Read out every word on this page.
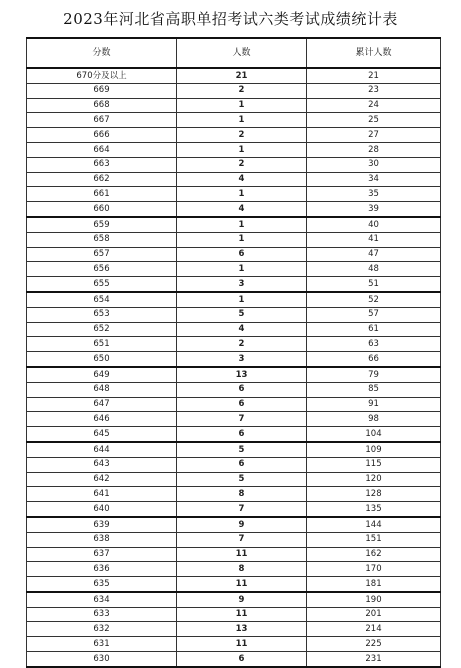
2023年河北省高职单招考试六类考试成绩统计表
分数	人数	累计人数
670分及以上	21	21
669	2	23
668	1	24
667	1	25
666	2	27
664	1	28
663	2	30
662	4	34
661	1	35
660	4	39
659	1	40
658	1	41
657	6	47
656	1	48
655	3	51
654	1	52
653	5	57
652	4	61
651	2	63
650	3	66
649	13	79
648	6	85
647	6	91
646	7	98
645	6	104
644	5	109
643	6	115
642	5	120
641	8	128
640	7	135
639	9	144
638	7	151
637	11	162
636	8	170
635	11	181
634	9	190
633	11	201
632	13	214
631	11	225
630	6	231
